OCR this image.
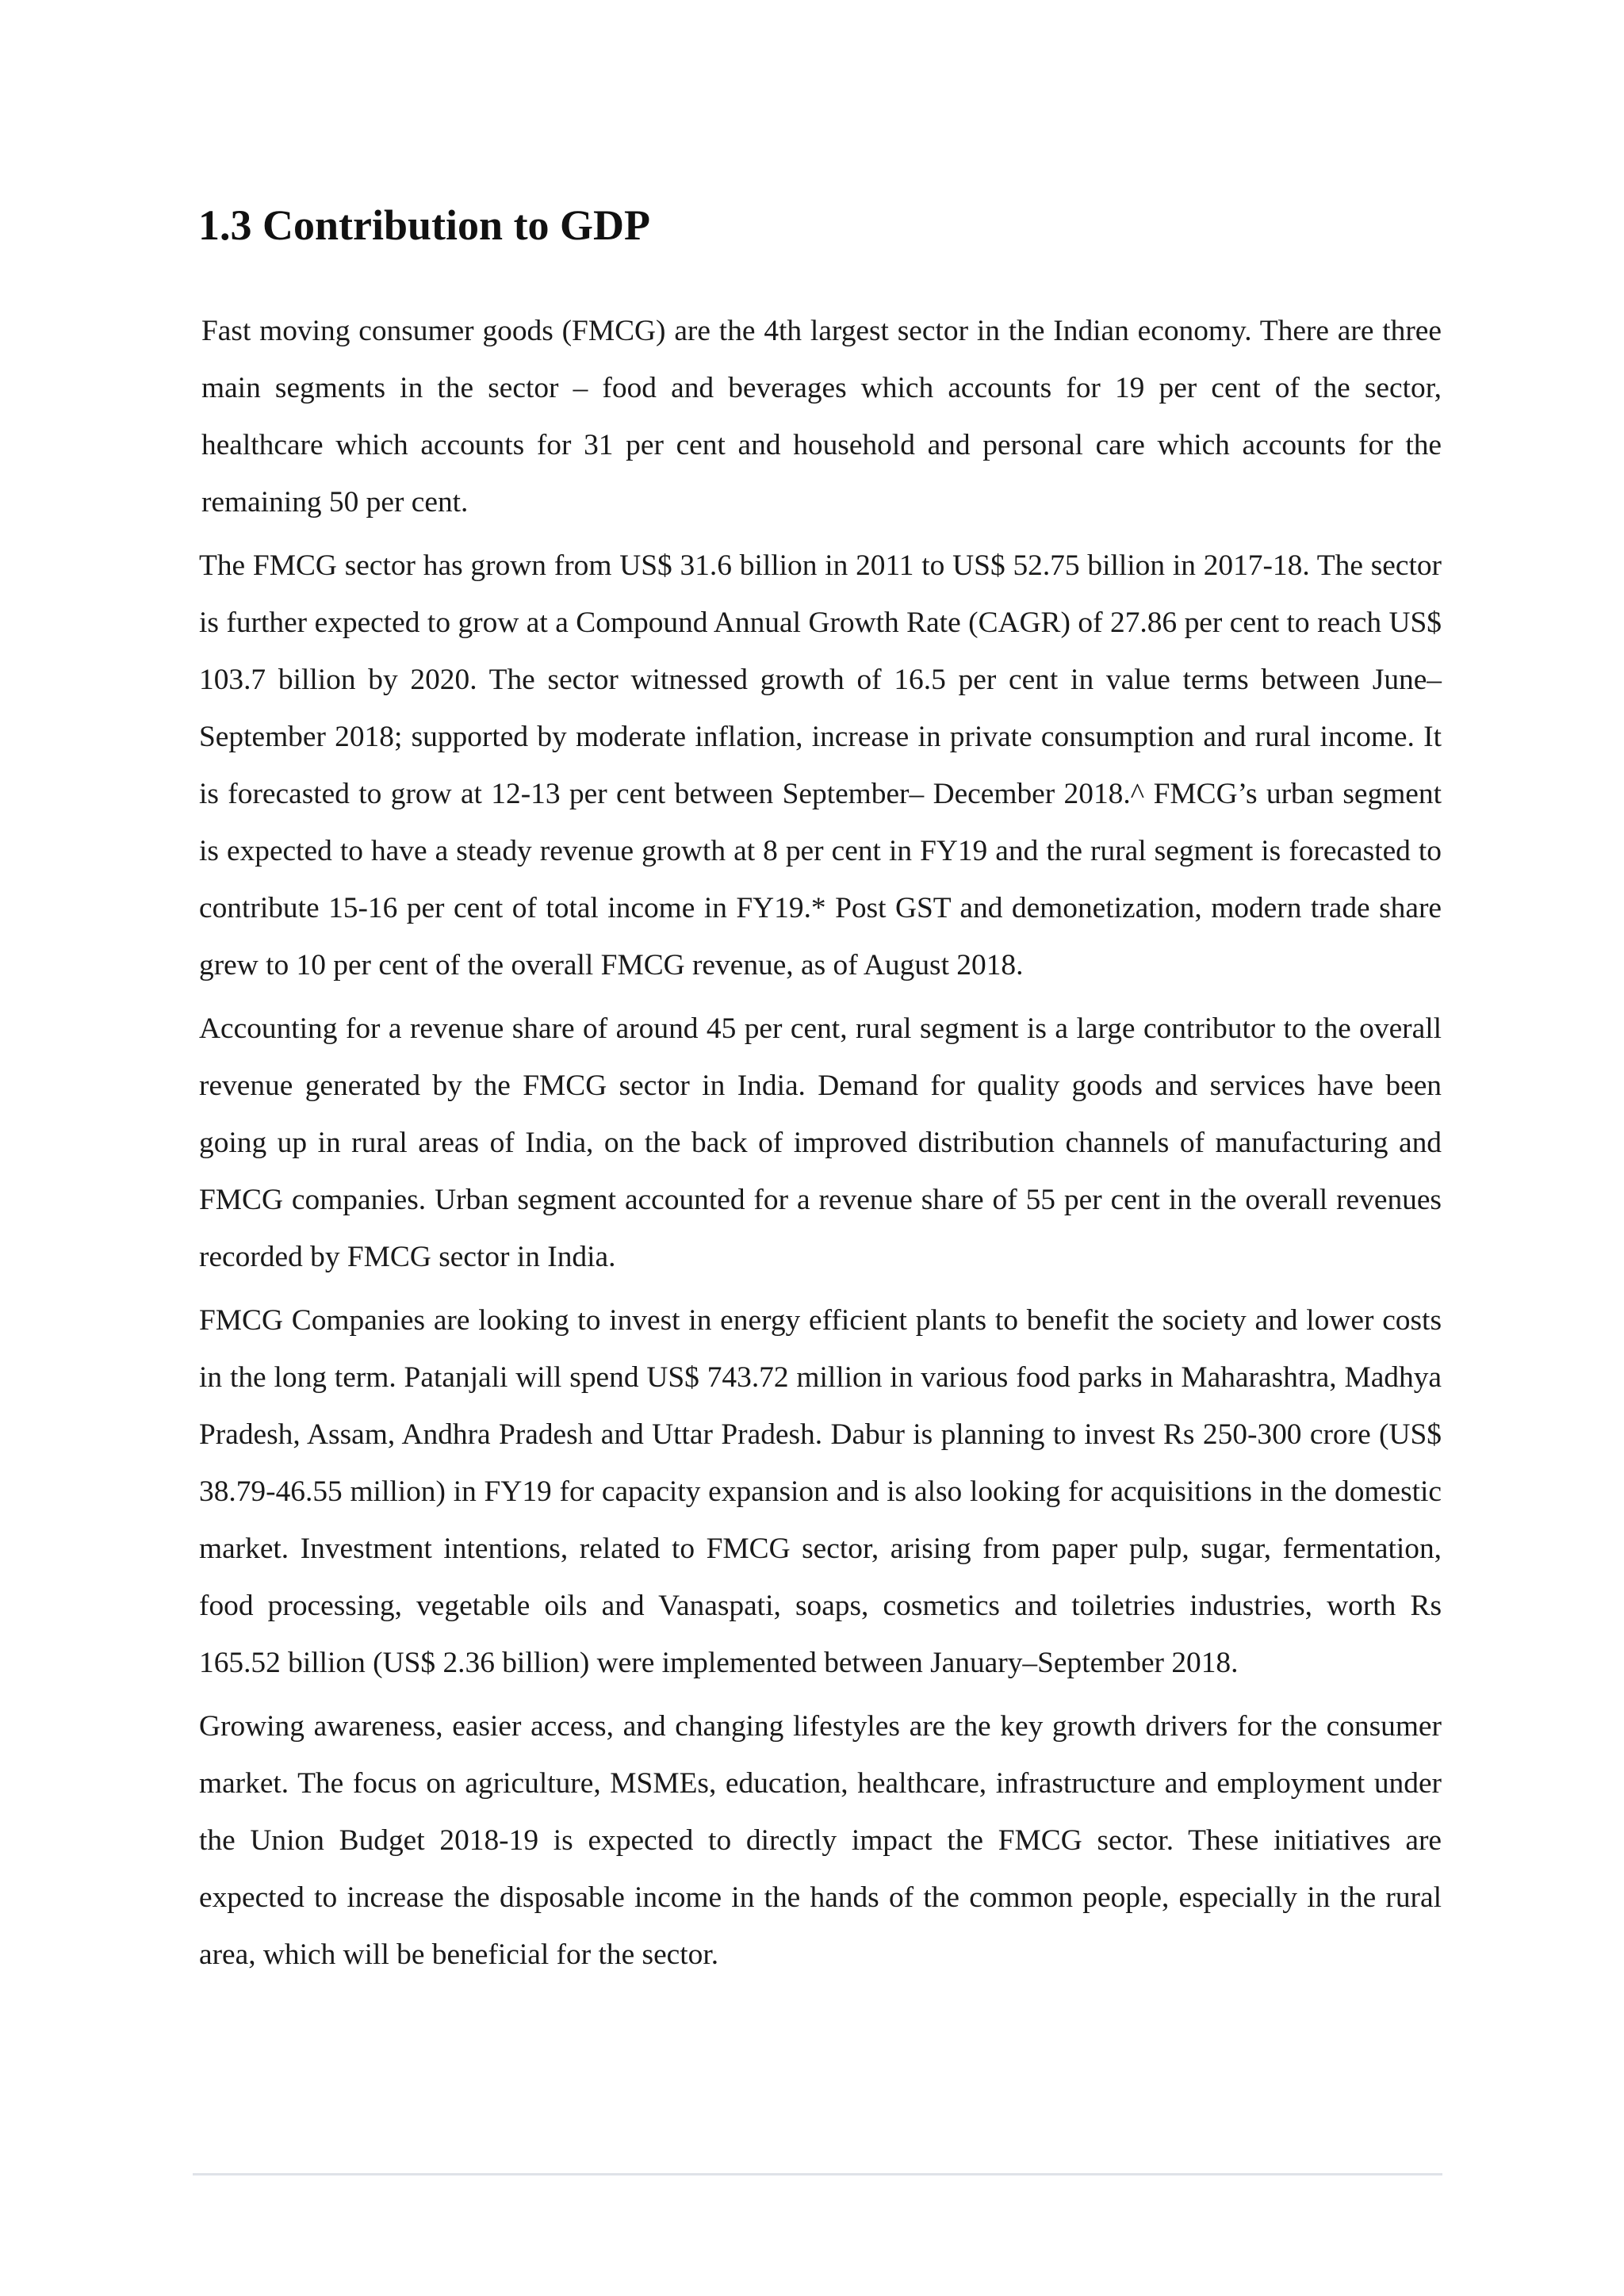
1.3 Contribution to GDP

Fast moving consumer goods (FMCG) are the 4th largest sector in the Indian economy. There are three main segments in the sector – food and beverages which accounts for 19 per cent of the sector, healthcare which accounts for 31 per cent and household and personal care which accounts for the remaining 50 per cent.

The FMCG sector has grown from US$ 31.6 billion in 2011 to US$ 52.75 billion in 2017-18. The sector is further expected to grow at a Compound Annual Growth Rate (CAGR) of 27.86 per cent to reach US$ 103.7 billion by 2020. The sector witnessed growth of 16.5 per cent in value terms between June–September 2018; supported by moderate inflation, increase in private consumption and rural income. It is forecasted to grow at 12-13 per cent between September– December 2018.^ FMCG’s urban segment is expected to have a steady revenue growth at 8 per cent in FY19 and the rural segment is forecasted to contribute 15-16 per cent of total income in FY19.* Post GST and demonetization, modern trade share grew to 10 per cent of the overall FMCG revenue, as of August 2018.

Accounting for a revenue share of around 45 per cent, rural segment is a large contributor to the overall revenue generated by the FMCG sector in India. Demand for quality goods and services have been going up in rural areas of India, on the back of improved distribution channels of manufacturing and FMCG companies. Urban segment accounted for a revenue share of 55 per cent in the overall revenues recorded by FMCG sector in India.

FMCG Companies are looking to invest in energy efficient plants to benefit the society and lower costs in the long term. Patanjali will spend US$ 743.72 million in various food parks in Maharashtra, Madhya Pradesh, Assam, Andhra Pradesh and Uttar Pradesh. Dabur is planning to invest Rs 250-300 crore (US$ 38.79-46.55 million) in FY19 for capacity expansion and is also looking for acquisitions in the domestic market. Investment intentions, related to FMCG sector, arising from paper pulp, sugar, fermentation, food processing, vegetable oils and Vanaspati, soaps, cosmetics and toiletries industries, worth Rs 165.52 billion (US$ 2.36 billion) were implemented between January–September 2018.

Growing awareness, easier access, and changing lifestyles are the key growth drivers for the consumer market. The focus on agriculture, MSMEs, education, healthcare, infrastructure and employment under the Union Budget 2018-19 is expected to directly impact the FMCG sector. These initiatives are expected to increase the disposable income in the hands of the common people, especially in the rural area, which will be beneficial for the sector.
